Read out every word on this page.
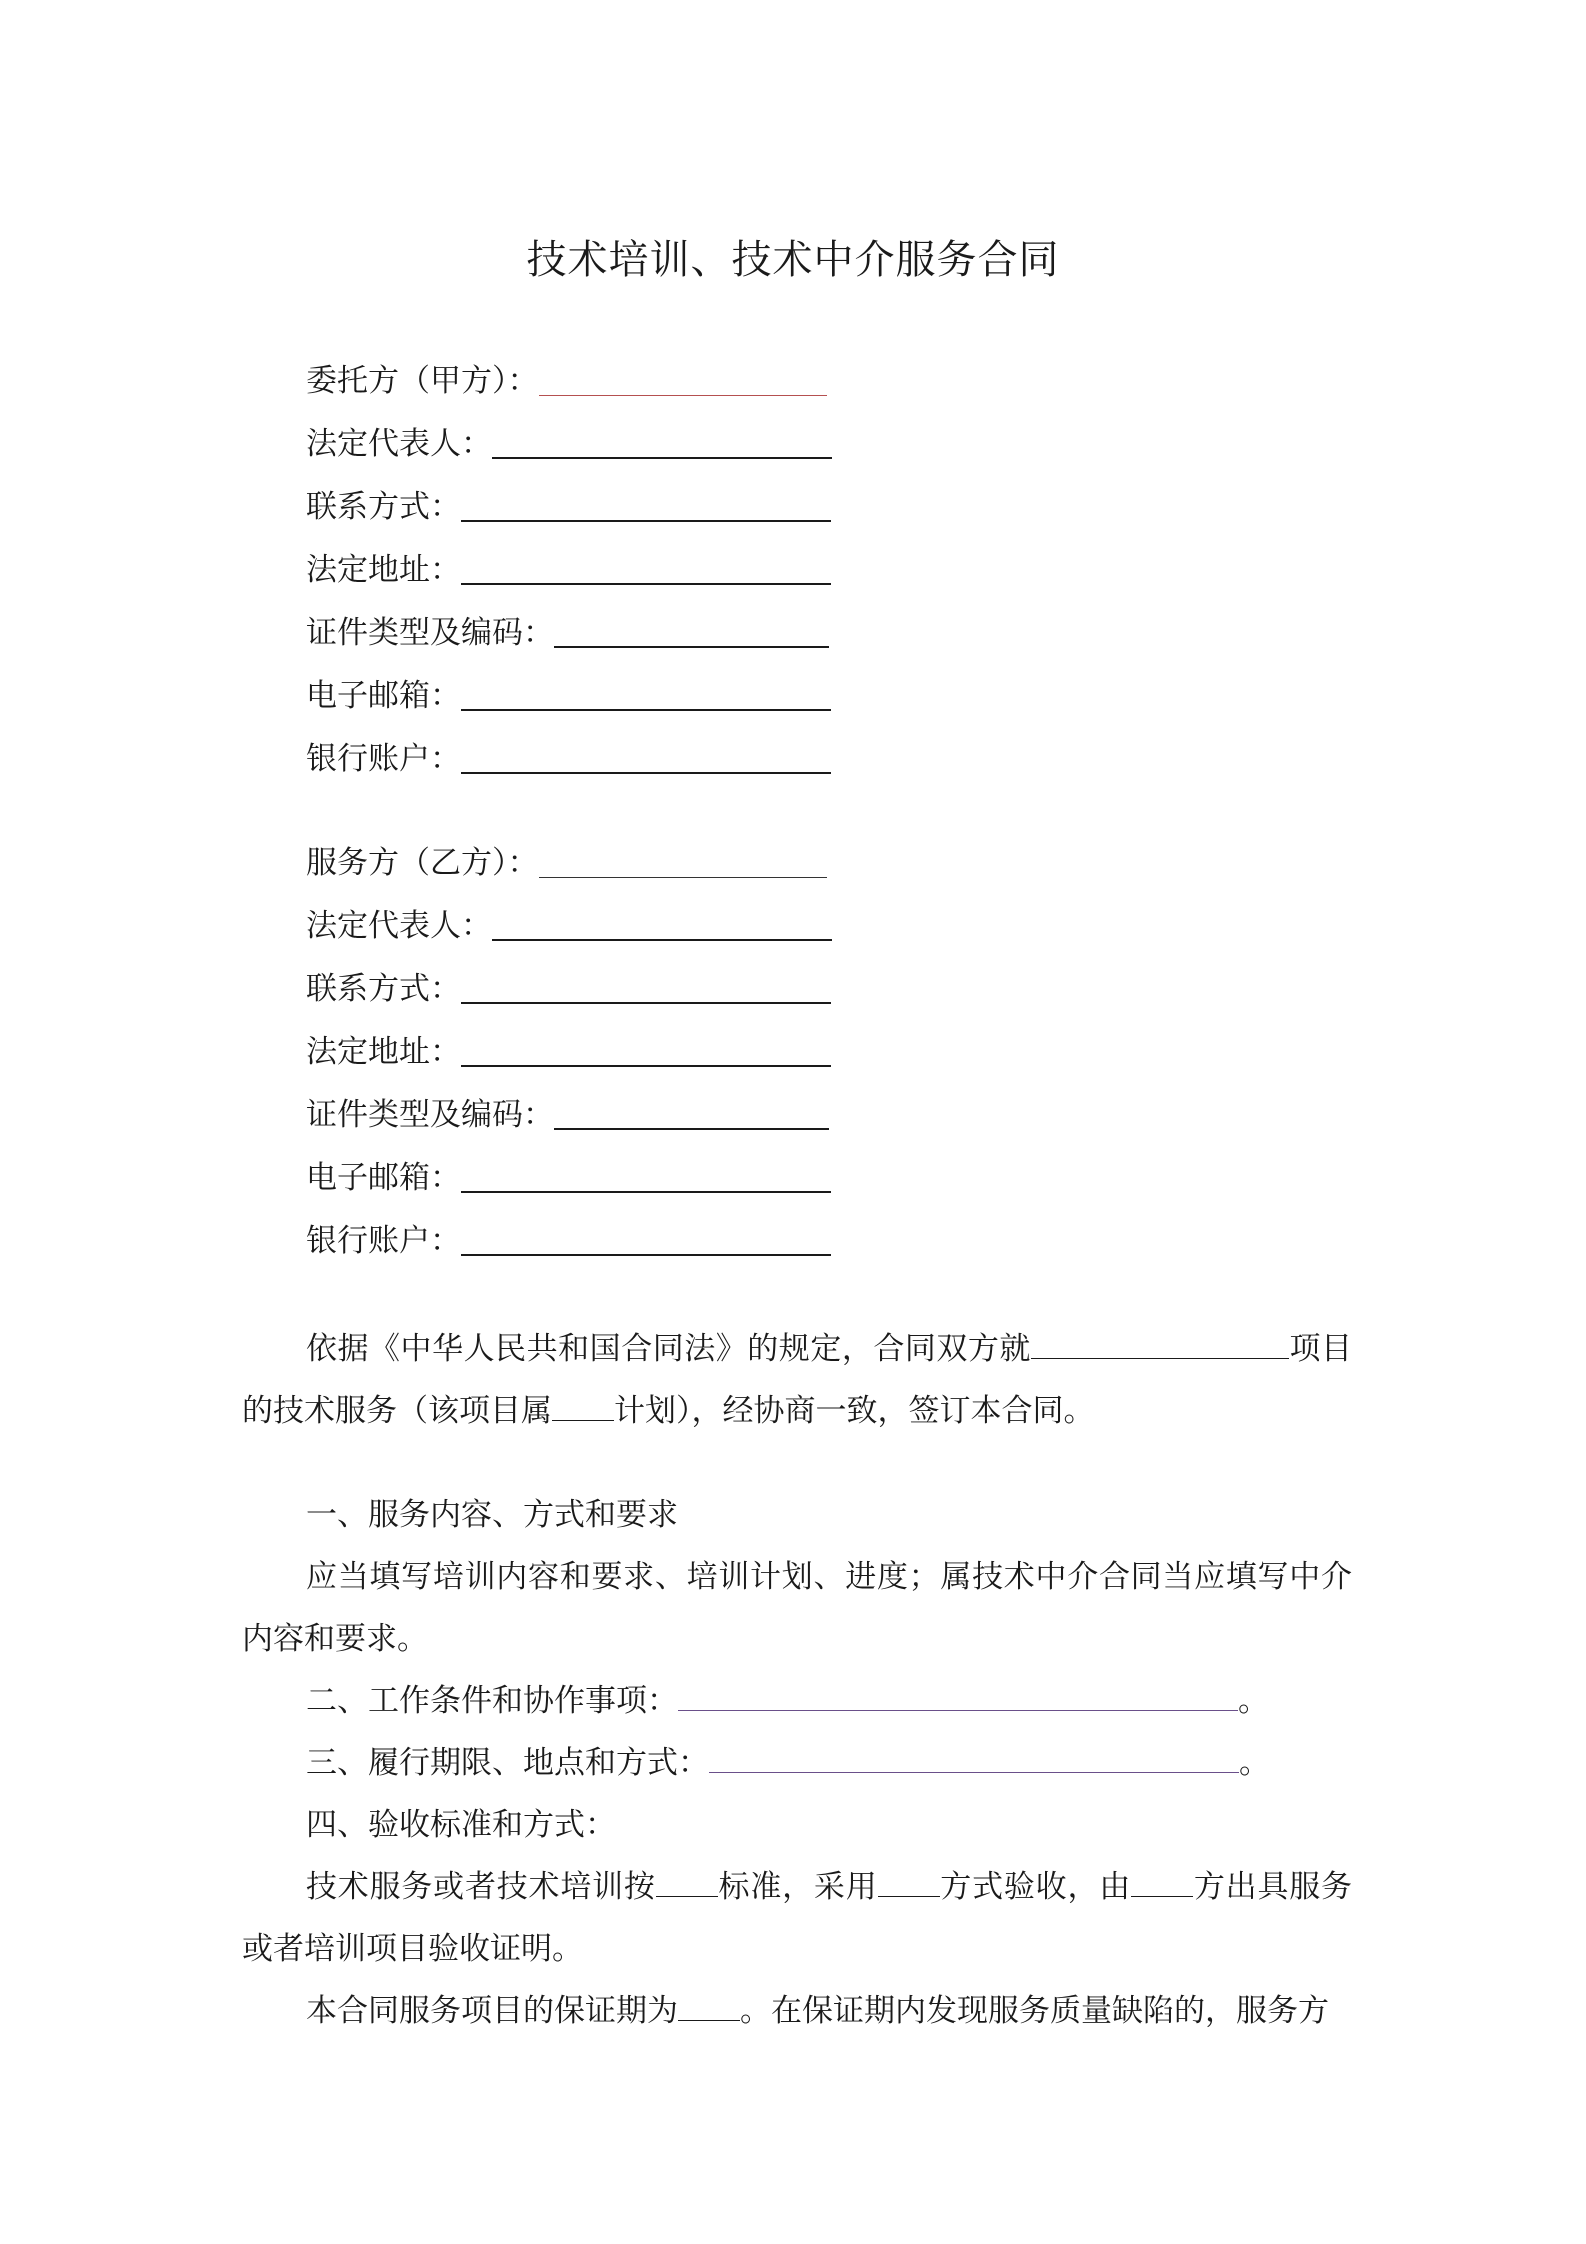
技术培训、技术中介服务合同
委托方（甲方）：
法定代表人：
联系方式：
法定地址：
证件类型及编码：
电子邮箱：
银行账户：
服务方（乙方）：
法定代表人：
联系方式：
法定地址：
证件类型及编码：
电子邮箱：
银行账户：
依据《中华人民共和国合同法》的规定，合同双方就	项目的技术服务（该项目属 计划），经协商一致，签订本合同。
一、服务内容、方式和要求
应当填写培训内容和要求、培训计划、进度；属技术中介合同当应填写中介内容和要求。
二、工作条件和协作事项：	。
三、履行期限、地点和方式：	。
四、验收标准和方式：
技术服务或者技术培训按 标准，采用 方式验收，由 方出具服务或者培训项目验收证明。
本合同服务项目的保证期为 。在保证期内发现服务质量缺陷的，服务方
